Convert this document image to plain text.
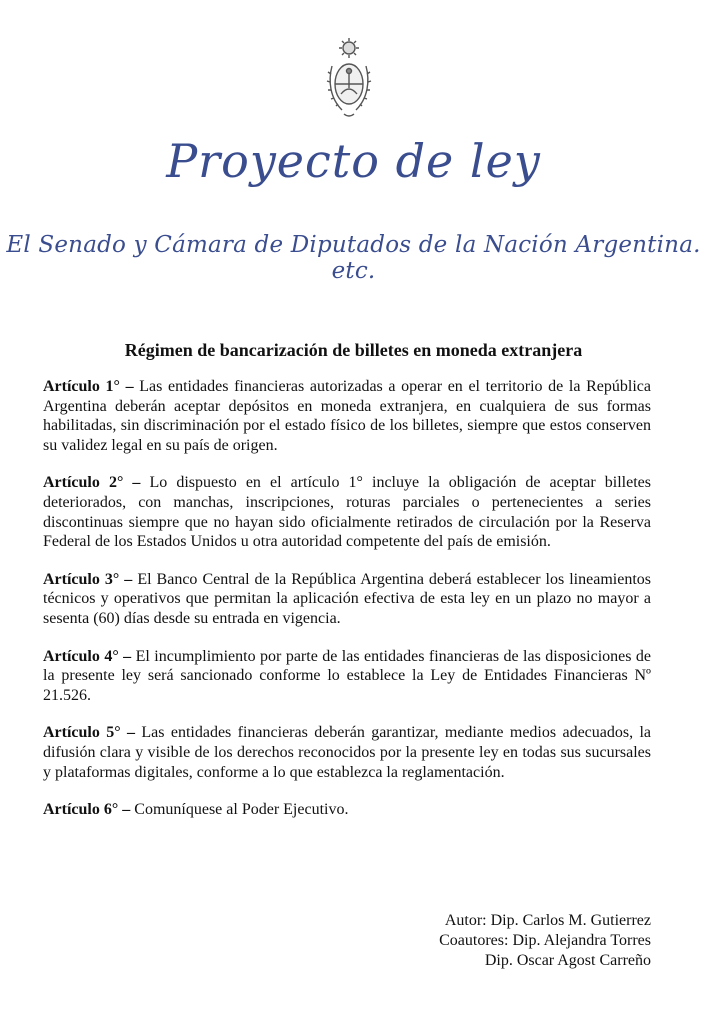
Proyecto de ley
El Senado y Cámara de Diputados de la Nación Argentina. etc.
Régimen de bancarización de billetes en moneda extranjera

Artículo 1° – Las entidades financieras autorizadas a operar en el territorio de la República Argentina deberán aceptar depósitos en moneda extranjera, en cualquiera de sus formas habilitadas, sin discriminación por el estado físico de los billetes, siempre que estos conserven su validez legal en su país de origen.

Artículo 2° – Lo dispuesto en el artículo 1° incluye la obligación de aceptar billetes deteriorados, con manchas, inscripciones, roturas parciales o pertenecientes a series discontinuas siempre que no hayan sido oficialmente retirados de circulación por la Reserva Federal de los Estados Unidos u otra autoridad competente del país de emisión.

Artículo 3° – El Banco Central de la República Argentina deberá establecer los lineamientos técnicos y operativos que permitan la aplicación efectiva de esta ley en un plazo no mayor a sesenta (60) días desde su entrada en vigencia.

Artículo 4° – El incumplimiento por parte de las entidades financieras de las disposiciones de la presente ley será sancionado conforme lo establece la Ley de Entidades Financieras Nº 21.526.

Artículo 5° – Las entidades financieras deberán garantizar, mediante medios adecuados, la difusión clara y visible de los derechos reconocidos por la presente ley en todas sus sucursales y plataformas digitales, conforme a lo que establezca la reglamentación.

Artículo 6° – Comuníquese al Poder Ejecutivo.

Autor: Dip. Carlos M. Gutierrez
Coautores: Dip. Alejandra Torres
Dip. Oscar Agost Carreño
